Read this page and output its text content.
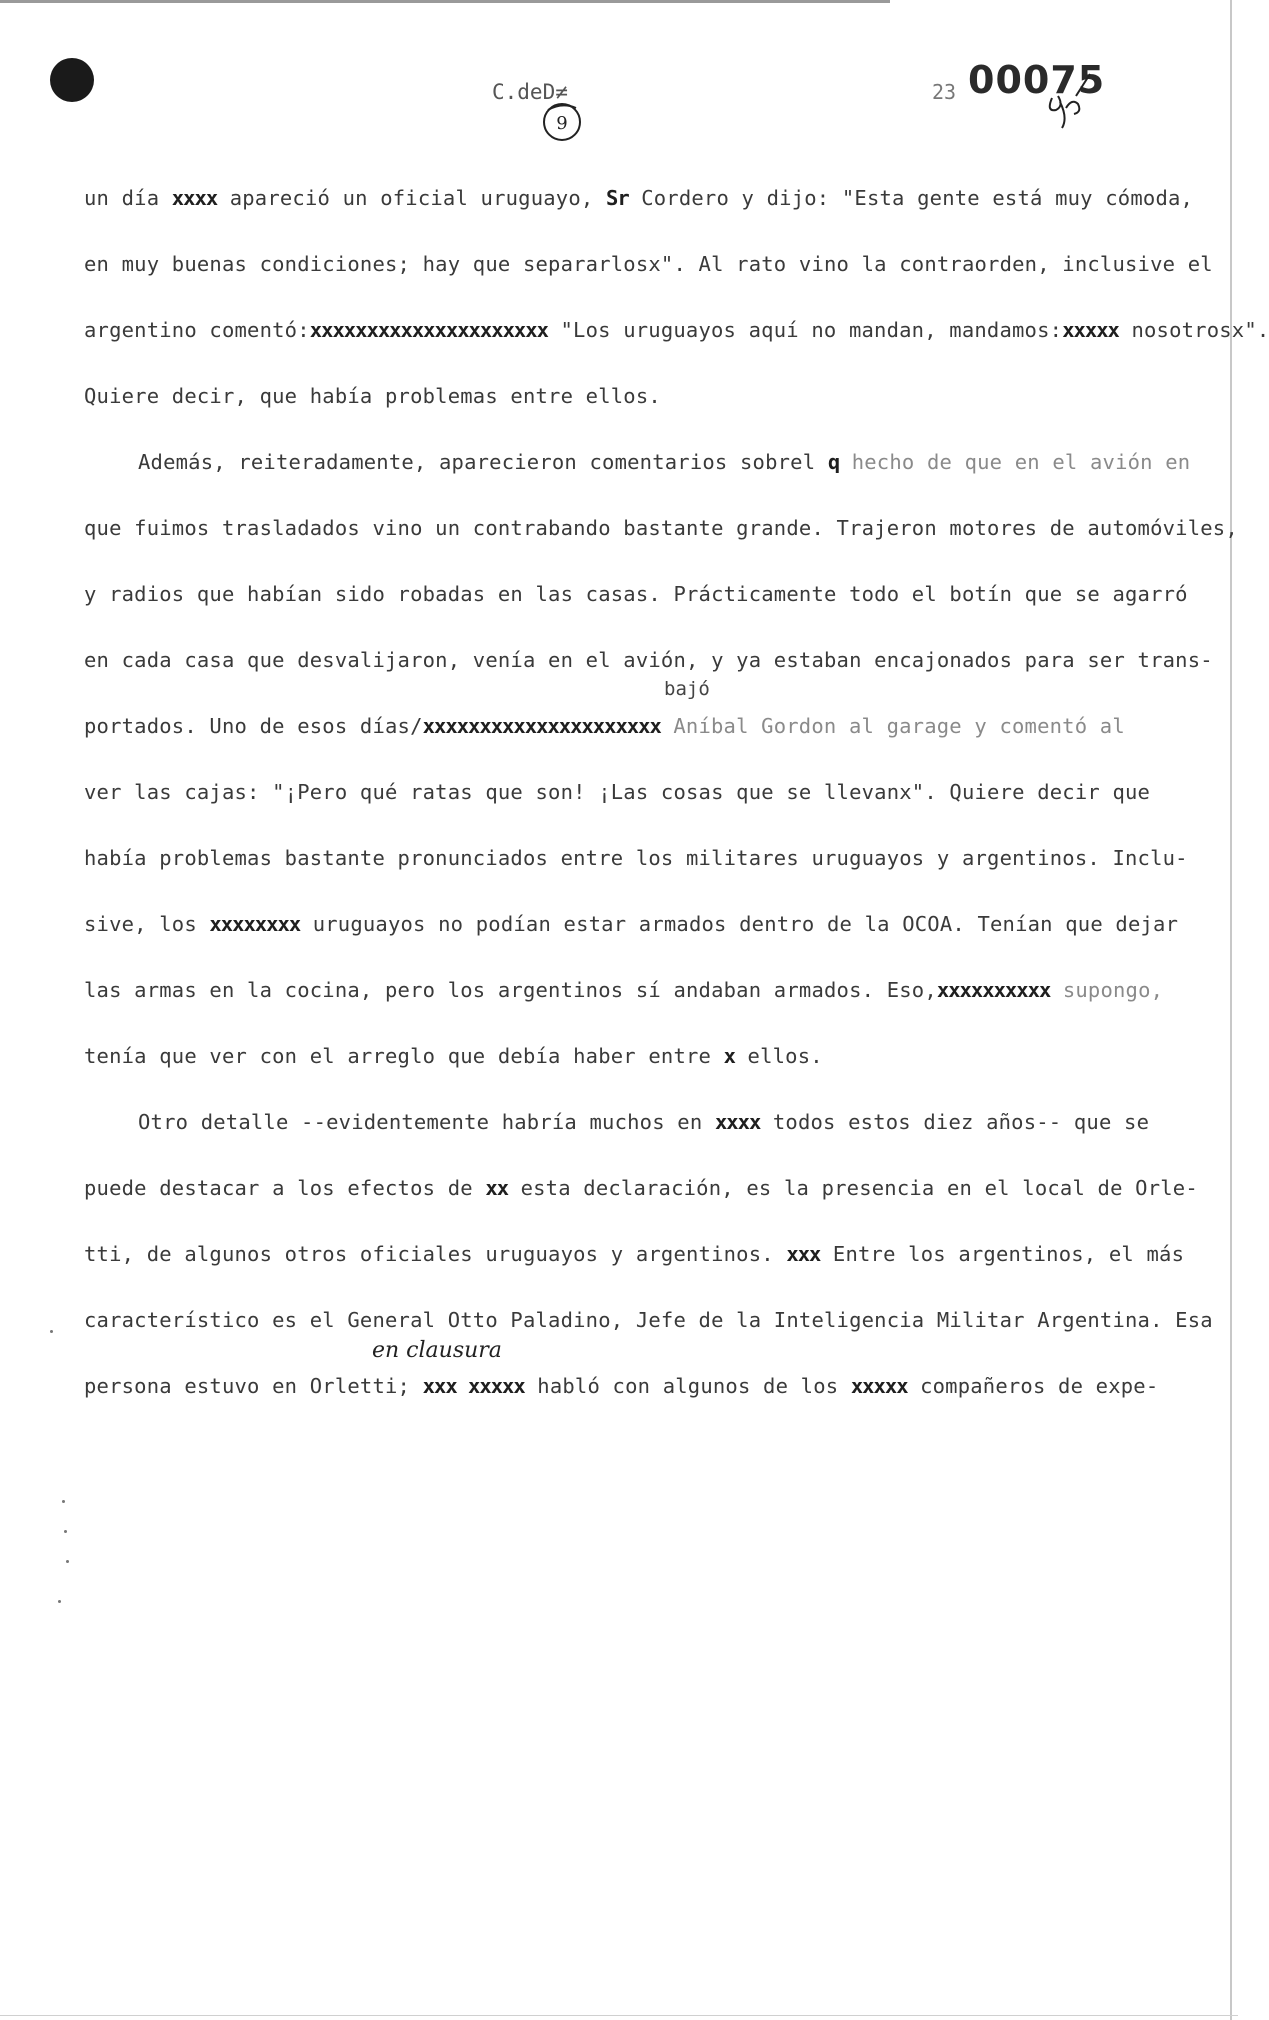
C.deD≠
9
23 00075
en clausura
bajó
un día xxxx apareció un oficial uruguayo, Sr Cordero y dijo: "Esta gente está muy cómoda,
en muy buenas condiciones; hay que separarlosx". Al rato vino la contraorden, inclusive el
argentino comentó:xxxxxxxxxxxxxxxxxxxxx "Los uruguayos aquí no mandan, mandamos:xxxxx nosotrosx".
Quiere decir, que había problemas entre ellos.
Además, reiteradamente, aparecieron comentarios sobrel q hecho de que en el avión en
que fuimos trasladados vino un contrabando bastante grande. Trajeron motores de automóviles,
y radios que habían sido robadas en las casas. Prácticamente todo el botín que se agarró
en cada casa que desvalijaron, venía en el avión, y ya estaban encajonados para ser trans-
portados. Uno de esos días/xxxxxxxxxxxxxxxxxxxxx Aníbal Gordon al garage y comentó al
ver las cajas: "¡Pero qué ratas que son! ¡Las cosas que se llevanx". Quiere decir que
había problemas bastante pronunciados entre los militares uruguayos y argentinos. Inclu-
sive, los xxxxxxxx uruguayos no podían estar armados dentro de la OCOA. Tenían que dejar
las armas en la cocina, pero los argentinos sí andaban armados. Eso,xxxxxxxxxx supongo,
tenía que ver con el arreglo que debía haber entre x ellos.
Otro detalle --evidentemente habría muchos en xxxx todos estos diez años-- que se
puede destacar a los efectos de xx esta declaración, es la presencia en el local de Orle-
tti, de algunos otros oficiales uruguayos y argentinos. xxx Entre los argentinos, el más
característico es el General Otto Paladino, Jefe de la Inteligencia Militar Argentina. Esa
persona estuvo en Orletti; xxx xxxxx habló con algunos de los xxxxx compañeros de expe-
